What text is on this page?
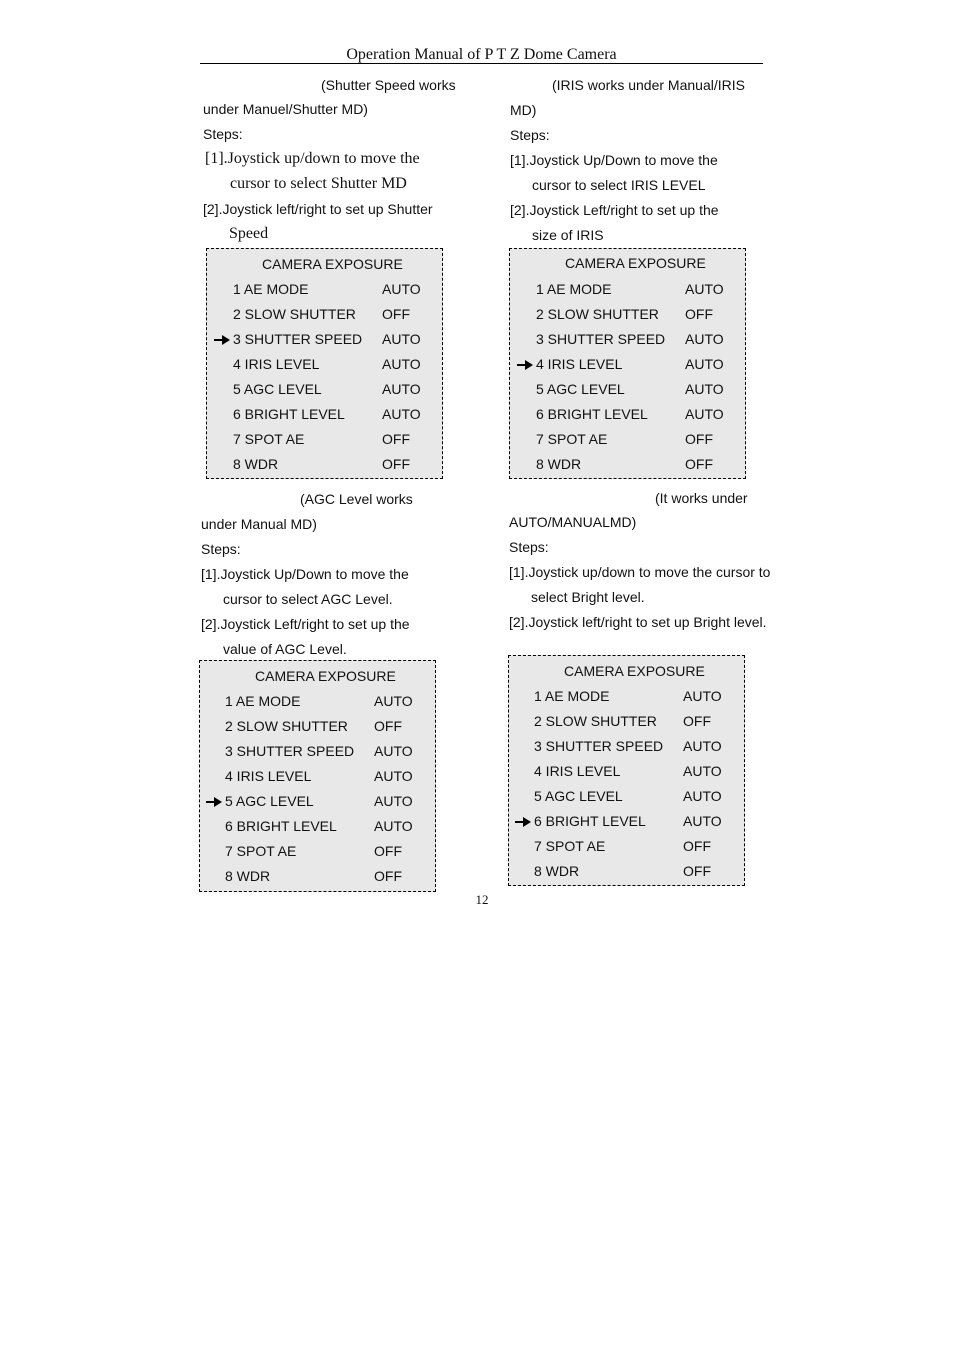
Operation Manual of P T Z Dome Camera
(Shutter Speed works
under Manuel/Shutter MD)
Steps:
[1].Joystick up/down to move the
cursor to select Shutter MD
[2].Joystick left/right to set up Shutter
Speed
CAMERA EXPOSURE
1 AE MODE	AUTO
2 SLOW SHUTTER OFF
3 SHUTTER SPEED AUTO
4 IRIS LEVEL	AUTO
5 AGC LEVEL	AUTO
6 BRIGHT LEVEL	AUTO
7 SPOT AE	OFF
8 WDR	OFF
(IRIS works under Manual/IRIS
MD)
Steps:
[1].Joystick Up/Down to move the
cursor to select IRIS LEVEL
[2].Joystick Left/right to set up the
size of IRIS
CAMERA EXPOSURE
1 AE MODE	AUTO
2 SLOW SHUTTER OFF
3 SHUTTER SPEED AUTO
4 IRIS LEVEL	AUTO
5 AGC LEVEL	AUTO
6 BRIGHT LEVEL	AUTO
7 SPOT AE	OFF
8 WDR	OFF
(AGC Level works
under Manual MD)
Steps:
[1].Joystick Up/Down to move the
cursor to select AGC Level.
[2].Joystick Left/right to set up the
value of AGC Level.
CAMERA EXPOSURE
1 AE MODE	AUTO
2 SLOW SHUTTER OFF
3 SHUTTER SPEED AUTO
4 IRIS LEVEL	AUTO
5 AGC LEVEL	AUTO
6 BRIGHT LEVEL	AUTO
7 SPOT AE	OFF
8 WDR	OFF
(It works under
AUTO/MANUALMD)
Steps:
[1].Joystick up/down to move the cursor to
select Bright level.
[2].Joystick left/right to set up Bright level.
CAMERA EXPOSURE
1 AE MODE	AUTO
2 SLOW SHUTTER OFF
3 SHUTTER SPEED AUTO
4 IRIS LEVEL	AUTO
5 AGC LEVEL	AUTO
6 BRIGHT LEVEL	AUTO
7 SPOT AE	OFF
8 WDR	OFF
12
